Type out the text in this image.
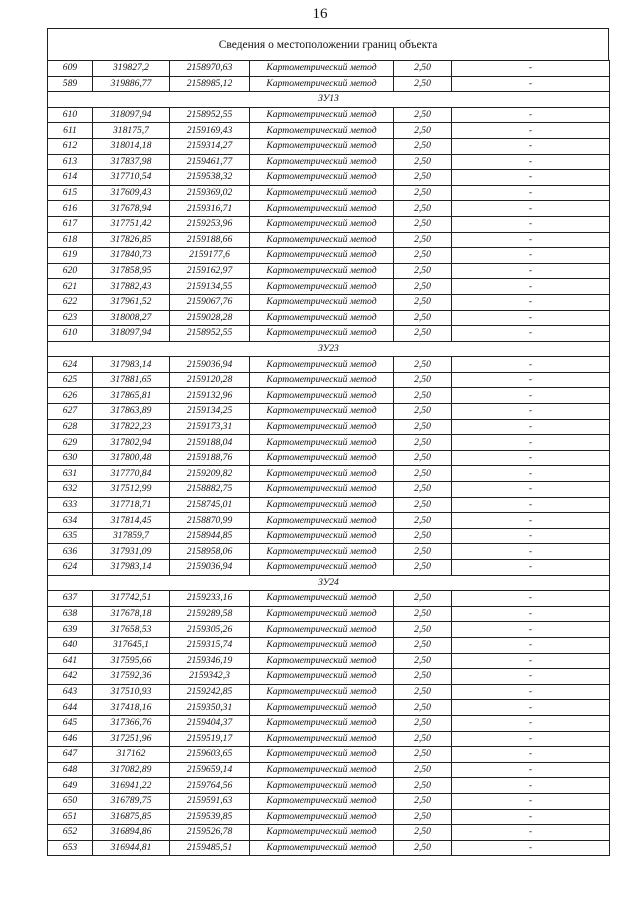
16
Сведения о местоположении границ объекта
609	319827,2	2158970,63	Картометрический метод	2,50	-
589	319886,77	2158985,12	Картометрический метод	2,50	-
ЗУ13					
610	318097,94	2158952,55	Картометрический метод	2,50	-
611	318175,7	2159169,43	Картометрический метод	2,50	-
612	318014,18	2159314,27	Картометрический метод	2,50	-
613	317837,98	2159461,77	Картометрический метод	2,50	-
614	317710,54	2159538,32	Картометрический метод	2,50	-
615	317609,43	2159369,02	Картометрический метод	2,50	-
616	317678,94	2159316,71	Картометрический метод	2,50	-
617	317751,42	2159253,96	Картометрический метод	2,50	-
618	317826,85	2159188,66	Картометрический метод	2,50	-
619	317840,73	2159177,6	Картометрический метод	2,50	-
620	317858,95	2159162,97	Картометрический метод	2,50	-
621	317882,43	2159134,55	Картометрический метод	2,50	-
622	317961,52	2159067,76	Картометрический метод	2,50	-
623	318008,27	2159028,28	Картометрический метод	2,50	-
610	318097,94	2158952,55	Картометрический метод	2,50	-
ЗУ23					
624	317983,14	2159036,94	Картометрический метод	2,50	-
625	317881,65	2159120,28	Картометрический метод	2,50	-
626	317865,81	2159132,96	Картометрический метод	2,50	-
627	317863,89	2159134,25	Картометрический метод	2,50	-
628	317822,23	2159173,31	Картометрический метод	2,50	-
629	317802,94	2159188,04	Картометрический метод	2,50	-
630	317800,48	2159188,76	Картометрический метод	2,50	-
631	317770,84	2159209,82	Картометрический метод	2,50	-
632	317512,99	2158882,75	Картометрический метод	2,50	-
633	317718,71	2158745,01	Картометрический метод	2,50	-
634	317814,45	2158870,99	Картометрический метод	2,50	-
635	317859,7	2158944,85	Картометрический метод	2,50	-
636	317931,09	2158958,06	Картометрический метод	2,50	-
624	317983,14	2159036,94	Картометрический метод	2,50	-
ЗУ24					
637	317742,51	2159233,16	Картометрический метод	2,50	-
638	317678,18	2159289,58	Картометрический метод	2,50	-
639	317658,53	2159305,26	Картометрический метод	2,50	-
640	317645,1	2159315,74	Картометрический метод	2,50	-
641	317595,66	2159346,19	Картометрический метод	2,50	-
642	317592,36	2159342,3	Картометрический метод	2,50	-
643	317510,93	2159242,85	Картометрический метод	2,50	-
644	317418,16	2159350,31	Картометрический метод	2,50	-
645	317366,76	2159404,37	Картометрический метод	2,50	-
646	317251,96	2159519,17	Картометрический метод	2,50	-
647	317162	2159603,65	Картометрический метод	2,50	-
648	317082,89	2159659,14	Картометрический метод	2,50	-
649	316941,22	2159764,56	Картометрический метод	2,50	-
650	316789,75	2159591,63	Картометрический метод	2,50	-
651	316875,85	2159539,85	Картометрический метод	2,50	-
652	316894,86	2159526,78	Картометрический метод	2,50	-
653	316944,81	2159485,51	Картометрический метод	2,50	-
